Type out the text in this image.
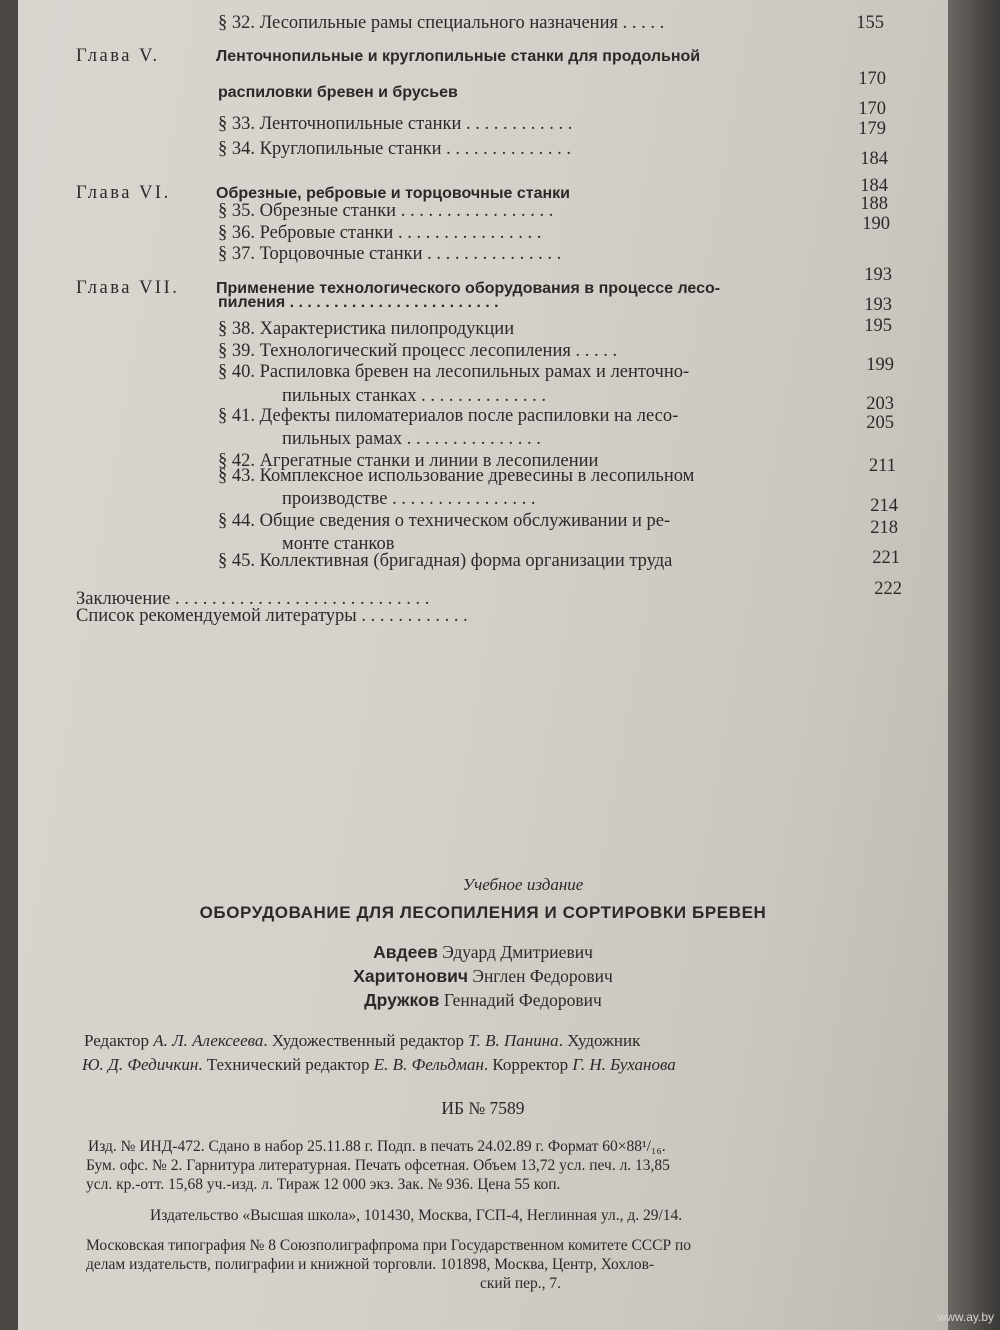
§ 32. Лесопильные рамы специального назначения . . . . .
Глава V.	Ленточнопильные и круглопильные станки для продольной
распиловки бревен и брусьев
§ 33. Ленточнопильные станки . . . . . . . . . . . .
§ 34. Круглопильные станки . . . . . . . . . . . . . .
Глава VI.	Обрезные, ребровые и торцовочные станки
§ 35. Обрезные станки . . . . . . . . . . . . . . . . .
§ 36. Ребровые станки . . . . . . . . . . . . . . . .
§ 37. Торцовочные станки . . . . . . . . . . . . . . .
Глава VII. Применение технологического оборудования в процессе лесо-
пиления . . . . . . . . . . . . . . . . . . . . . . . .
§ 38. Характеристика пилопродукции
§ 39. Технологический процесс лесопиления . . . . .
§ 40. Распиловка бревен на лесопильных рамах и ленточно-
пильных станках . . . . . . . . . . . . . .
§ 41. Дефекты пиломатериалов после распиловки на лесо-
пильных рамах . . . . . . . . . . . . . . .
§ 42. Агрегатные станки и линии в лесопилении
§ 43. Комплексное использование древесины в лесопильном
производстве . . . . . . . . . . . . . . . .
§ 44. Общие сведения о техническом обслуживании и ре-
монте станков
§ 45. Коллективная (бригадная) форма организации труда
Заключение . . . . . . . . . . . . . . . . . . . . . . . . . . . .
Список рекомендуемой литературы . . . . . . . . . . . .
155
170
170
179
184
184
188
190
193
193
195
199
203
205
211
214
218
221
222
Учебное издание
ОБОРУДОВАНИЕ ДЛЯ ЛЕСОПИЛЕНИЯ И СОРТИРОВКИ БРЕВЕН
Авдеев Эдуард Дмитриевич
Харитонович Энглен Федорович
Дружков Геннадий Федорович
Редактор А. Л. Алексеева. Художественный редактор Т. В. Панина. Художник
Ю. Д. Федичкин. Технический редактор Е. В. Фельдман. Корректор Г. Н. Буханова
ИБ № 7589
Изд. № ИНД-472. Сдано в набор 25.11.88 г. Подп. в печать 24.02.89 г. Формат 60×88¹/₁₆.
Бум. офс. № 2. Гарнитура литературная. Печать офсетная. Объем 13,72 усл. печ. л. 13,85
усл. кр.-отт. 15,68 уч.-изд. л. Тираж 12 000 экз. Зак. № 936. Цена 55 коп.
Издательство «Высшая школа», 101430, Москва, ГСП-4, Неглинная ул., д. 29/14.
Московская типография № 8 Союзполиграфпрома при Государственном комитете СССР по
делам издательств, полиграфии и книжной торговли. 101898, Москва, Центр, Хохлов-
ский пер., 7.
www.ay.by
